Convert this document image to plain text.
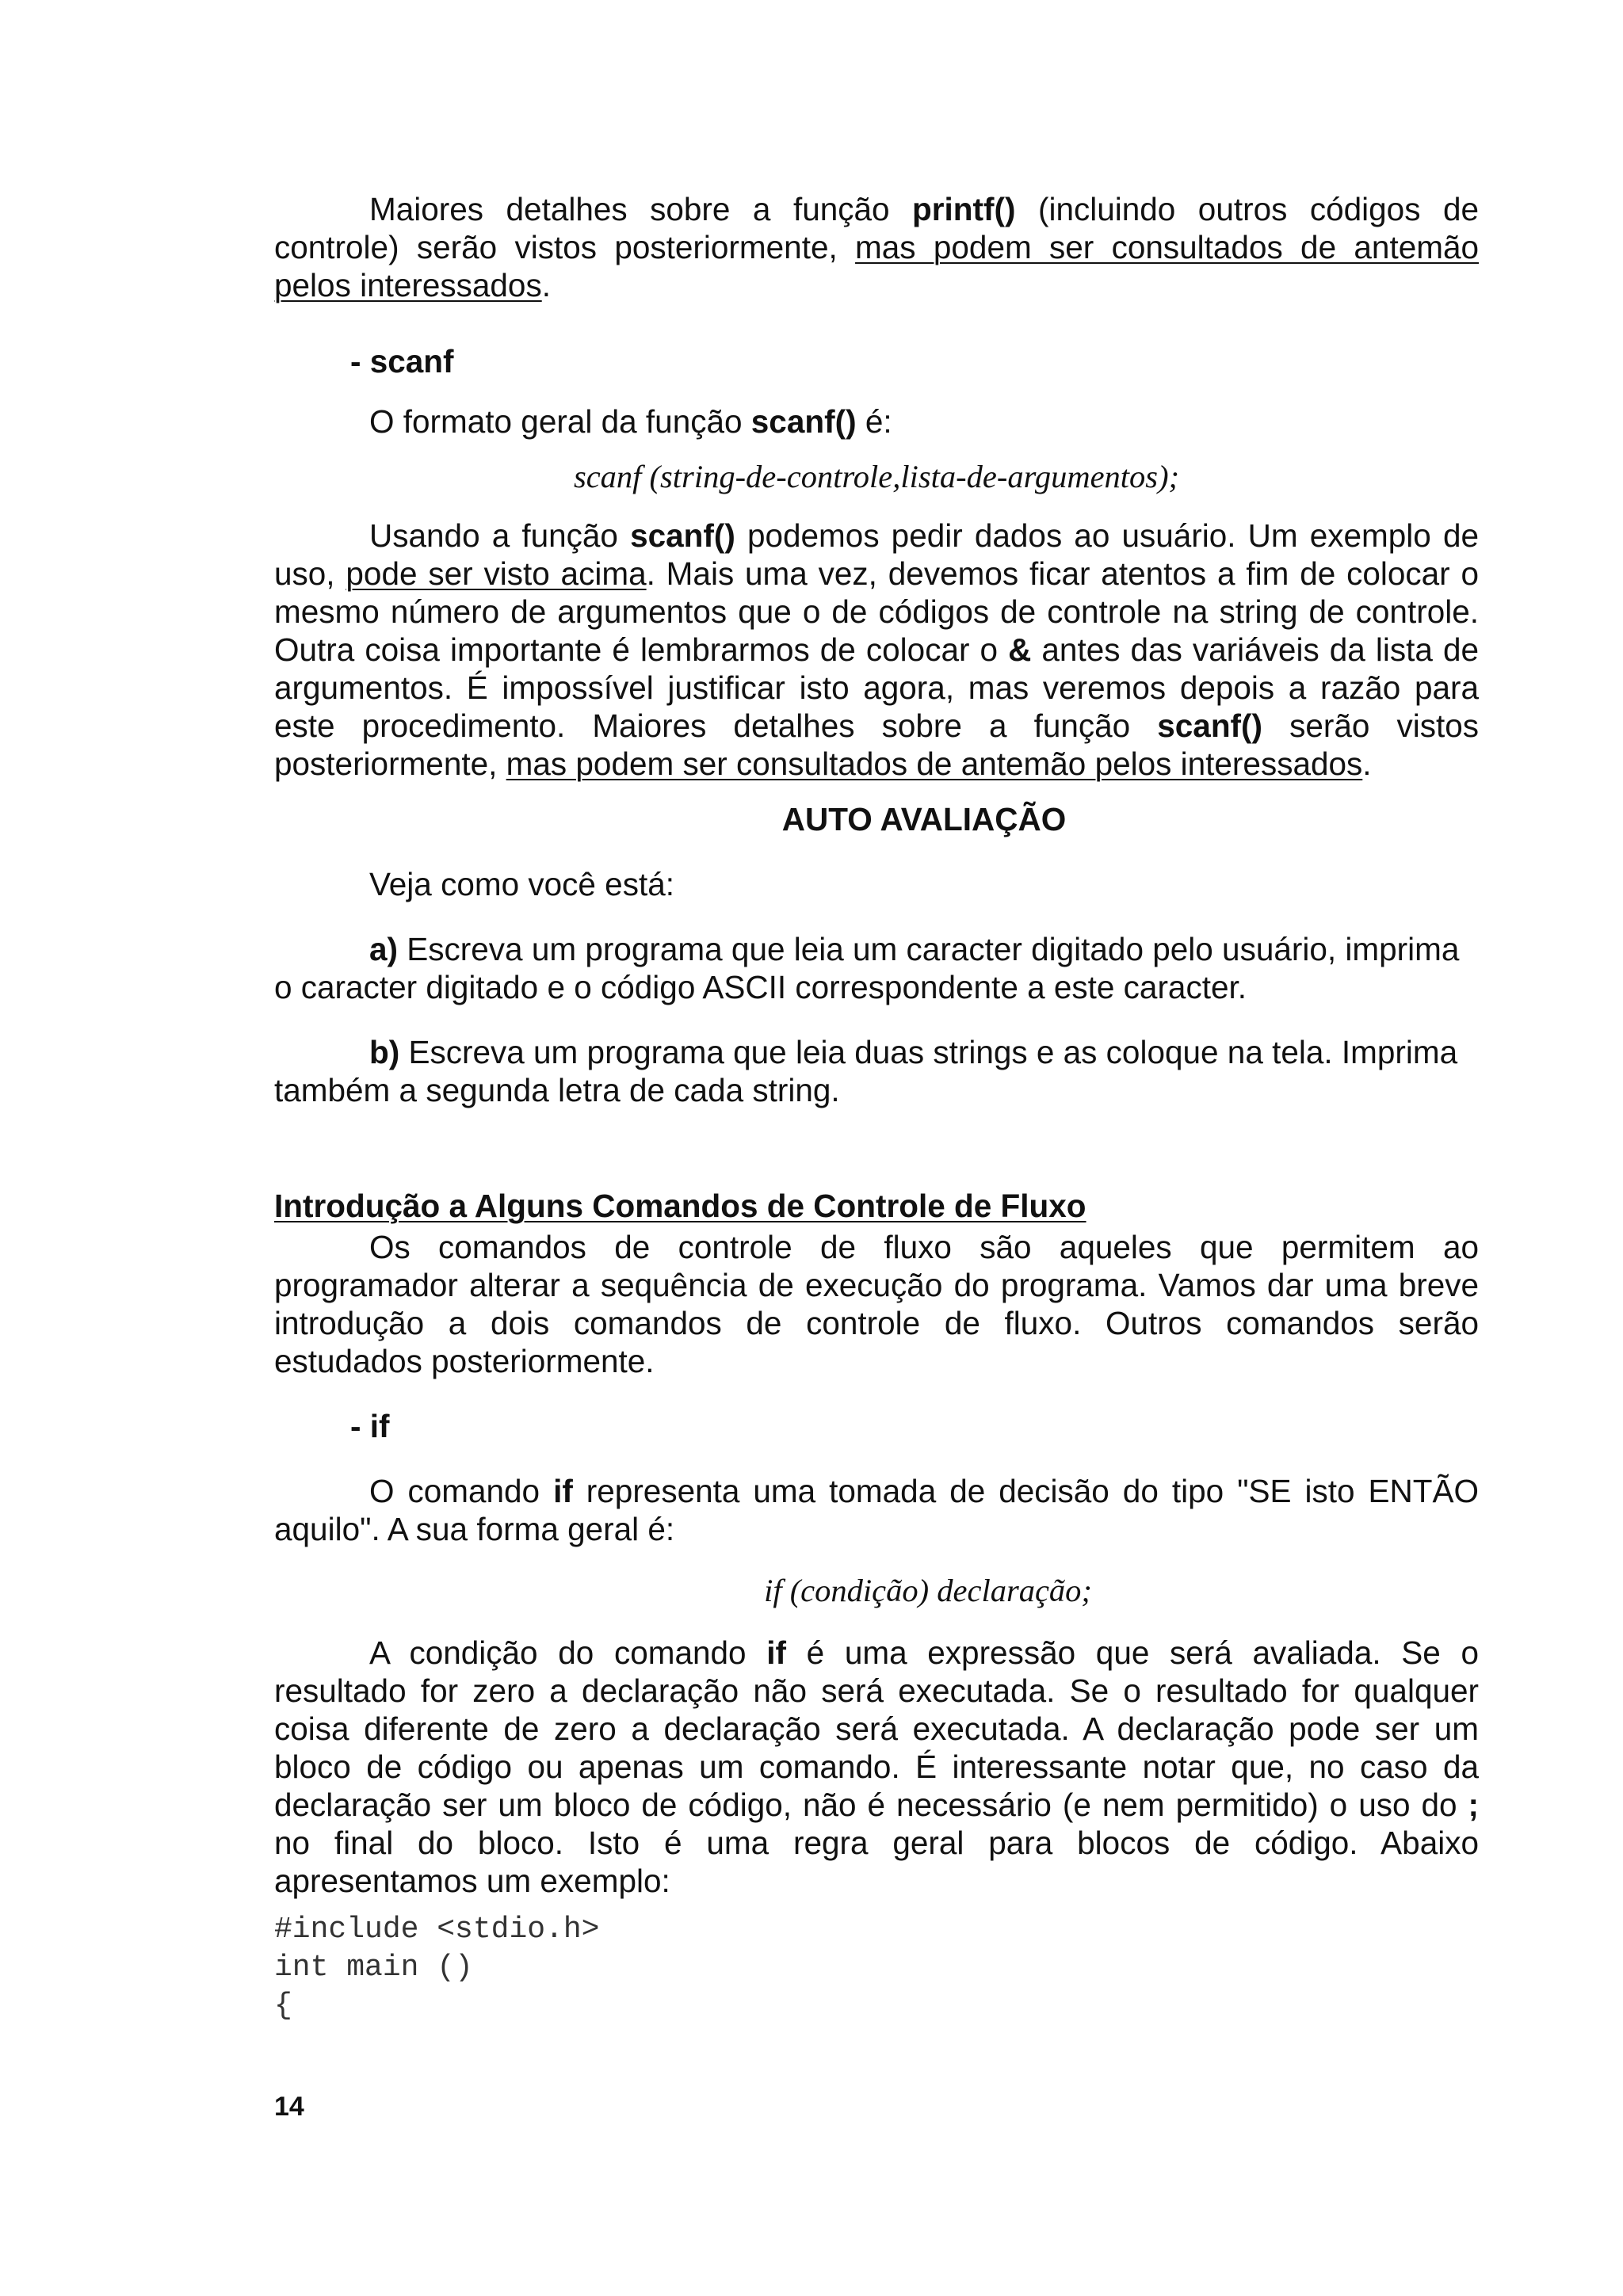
Maiores detalhes sobre a função printf() (incluindo outros códigos de controle) serão vistos posteriormente, mas podem ser consultados de antemão pelos interessados.

- scanf

O formato geral da função scanf() é:

scanf (string-de-controle,lista-de-argumentos);

Usando a função scanf() podemos pedir dados ao usuário. Um exemplo de uso, pode ser visto acima. Mais uma vez, devemos ficar atentos a fim de colocar o mesmo número de argumentos que o de códigos de controle na string de controle. Outra coisa importante é lembrarmos de colocar o & antes das variáveis da lista de argumentos. É impossível justificar isto agora, mas veremos depois a razão para este procedimento. Maiores detalhes sobre a função scanf() serão vistos posteriormente, mas podem ser consultados de antemão pelos interessados.

AUTO AVALIAÇÃO

Veja como você está:

a) Escreva um programa que leia um caracter digitado pelo usuário, imprima o caracter digitado e o código ASCII correspondente a este caracter.

b) Escreva um programa que leia duas strings e as coloque na tela. Imprima também a segunda letra de cada string.

Introdução a Alguns Comandos de Controle de Fluxo

Os comandos de controle de fluxo são aqueles que permitem ao programador alterar a sequência de execução do programa. Vamos dar uma breve introdução a dois comandos de controle de fluxo. Outros comandos serão estudados posteriormente.

- if

O comando if representa uma tomada de decisão do tipo "SE isto ENTÃO aquilo". A sua forma geral é:

if (condição) declaração;

A condição do comando if é uma expressão que será avaliada. Se o resultado for zero a declaração não será executada. Se o resultado for qualquer coisa diferente de zero a declaração será executada. A declaração pode ser um bloco de código ou apenas um comando. É interessante notar que, no caso da declaração ser um bloco de código, não é necessário (e nem permitido) o uso do ; no final do bloco. Isto é uma regra geral para blocos de código. Abaixo apresentamos um exemplo:

#include <stdio.h>

int main ()

{

14
